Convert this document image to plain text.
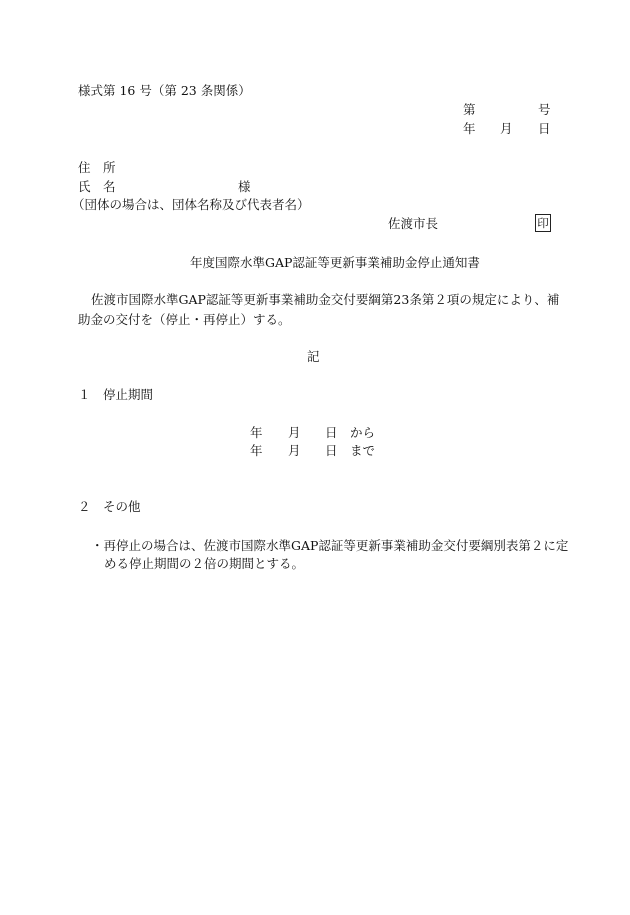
様式第 16 号（第 23 条関係）
第	号
年 月 日
住　所
氏　名	様
（団体の場合は、団体名称及び代表者名）
佐渡市長	印
年度国際水準GAP認証等更新事業補助金停止通知書
佐渡市国際水準GAP認証等更新事業補助金交付要綱第23条第２項の規定により、補
助金の交付を（停止・再停止）する。
記
１　停止期間
年 月 日 から
年 月 日 まで
２　その他
・再停止の場合は、佐渡市国際水準GAP認証等更新事業補助金交付要綱別表第２に定
める停止期間の２倍の期間とする。
